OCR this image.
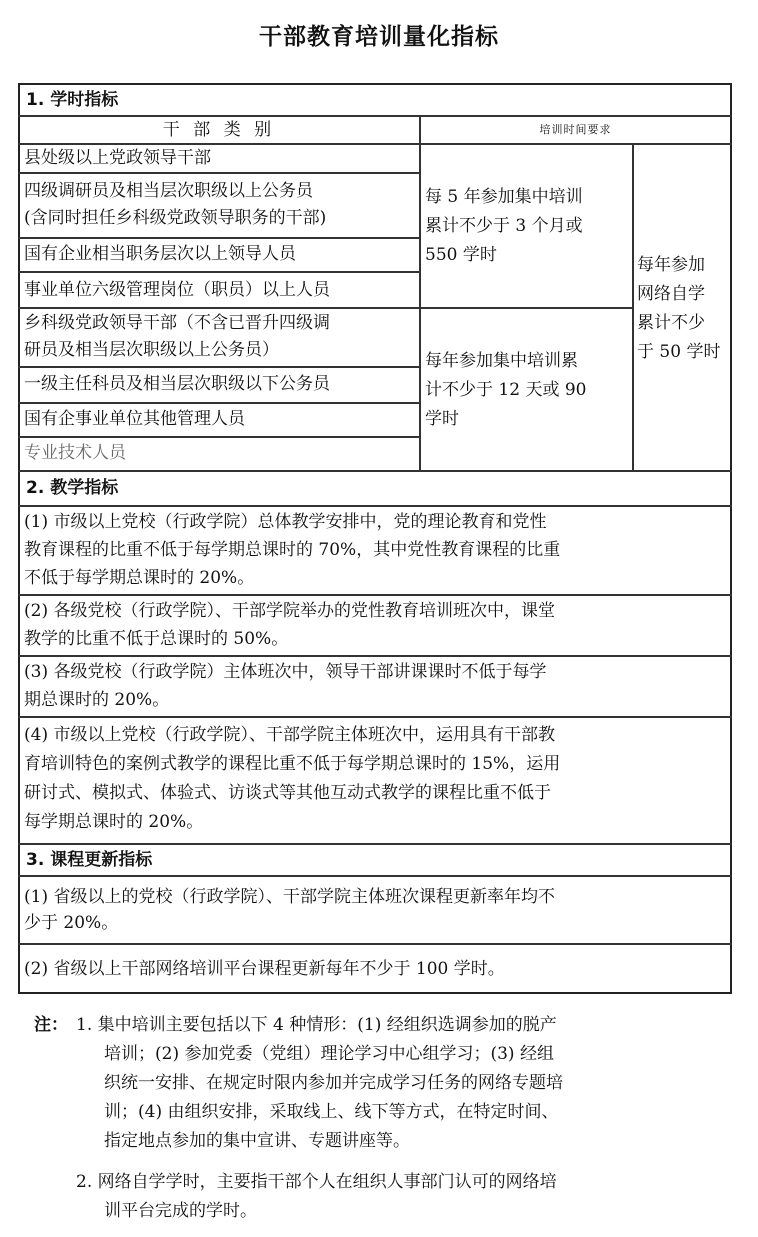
干部教育培训量化指标
1. 学时指标
干 部 类 别	培训时间要求
县处级以上党政领导干部
四级调研员及相当层次职级以上公务员
(含同时担任乡科级党政领导职务的干部)
国有企业相当职务层次以上领导人员
事业单位六级管理岗位（职员）以上人员
乡科级党政领导干部（不含已晋升四级调
研员及相当层次职级以上公务员）
一级主任科员及相当层次职级以下公务员
国有企事业单位其他管理人员
专业技术人员
每 5 年参加集中培训
累计不少于 3 个月或
550 学时
每年参加集中培训累
计不少于 12 天或 90
学时
每年参加
网络自学
累计不少
于 50 学时
2. 教学指标
(1) 市级以上党校（行政学院）总体教学安排中，党的理论教育和党性
教育课程的比重不低于每学期总课时的 70%，其中党性教育课程的比重
不低于每学期总课时的 20%。
(2) 各级党校（行政学院）、干部学院举办的党性教育培训班次中，课堂
教学的比重不低于总课时的 50%。
(3) 各级党校（行政学院）主体班次中，领导干部讲课课时不低于每学
期总课时的 20%。
(4) 市级以上党校（行政学院）、干部学院主体班次中，运用具有干部教
育培训特色的案例式教学的课程比重不低于每学期总课时的 15%，运用
研讨式、模拟式、体验式、访谈式等其他互动式教学的课程比重不低于
每学期总课时的 20%。
3. 课程更新指标
(1) 省级以上的党校（行政学院）、干部学院主体班次课程更新率年均不
少于 20%。
(2) 省级以上干部网络培训平台课程更新每年不少于 100 学时。
注： 1. 集中培训主要包括以下 4 种情形：(1) 经组织选调参加的脱产
培训；(2) 参加党委（党组）理论学习中心组学习；(3) 经组
织统一安排、在规定时限内参加并完成学习任务的网络专题培
训；(4) 由组织安排，采取线上、线下等方式，在特定时间、
指定地点参加的集中宣讲、专题讲座等。
2. 网络自学学时，主要指干部个人在组织人事部门认可的网络培
训平台完成的学时。
